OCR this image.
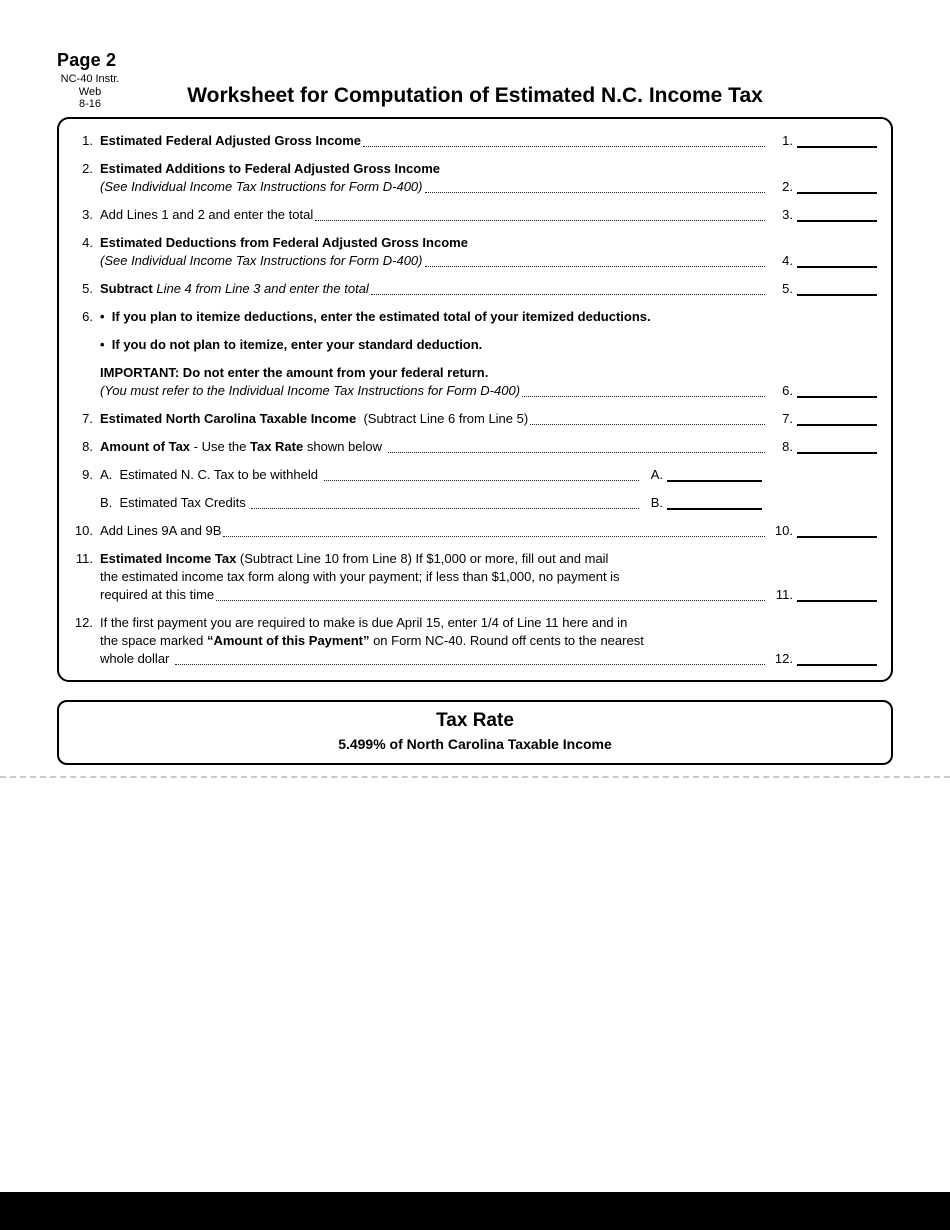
Page 2
NC-40 Instr.
Web
8-16	Worksheet for Computation of Estimated N.C. Income Tax
1. Estimated Federal Adjusted Gross Income	1.
2. Estimated Additions to Federal Adjusted Gross Income
(See Individual Income Tax Instructions for Form D-400)	2.
3. Add Lines 1 and 2 and enter the total	3.
4. Estimated Deductions from Federal Adjusted Gross Income
(See Individual Income Tax Instructions for Form D-400)	4.
5. Subtract Line 4 from Line 3 and enter the total	5.
6. •  If you plan to itemize deductions, enter the estimated total of your itemized deductions.
•  If you do not plan to itemize, enter your standard deduction.
IMPORTANT: Do not enter the amount from your federal return.
(You must refer to the Individual Income Tax Instructions for Form D-400)	6.
7. Estimated North Carolina Taxable Income (Subtract Line 6 from Line 5)	7.
8. Amount of Tax - Use the Tax Rate shown below	8.
9. A.  Estimated N. C. Tax to be withheld	A.
B.  Estimated Tax Credits	B.
10. Add Lines 9A and 9B	10.
11. Estimated Income Tax (Subtract Line 10 from Line 8) If $1,000 or more, fill out and mail
the estimated income tax form along with your payment; if less than $1,000, no payment is
required at this time	11.
12. If the first payment you are required to make is due April 15, enter 1/4 of Line 11 here and in
the space marked “Amount of this Payment” on Form NC-40. Round off cents to the nearest
whole dollar	12.
Tax Rate
5.499% of North Carolina Taxable Income
